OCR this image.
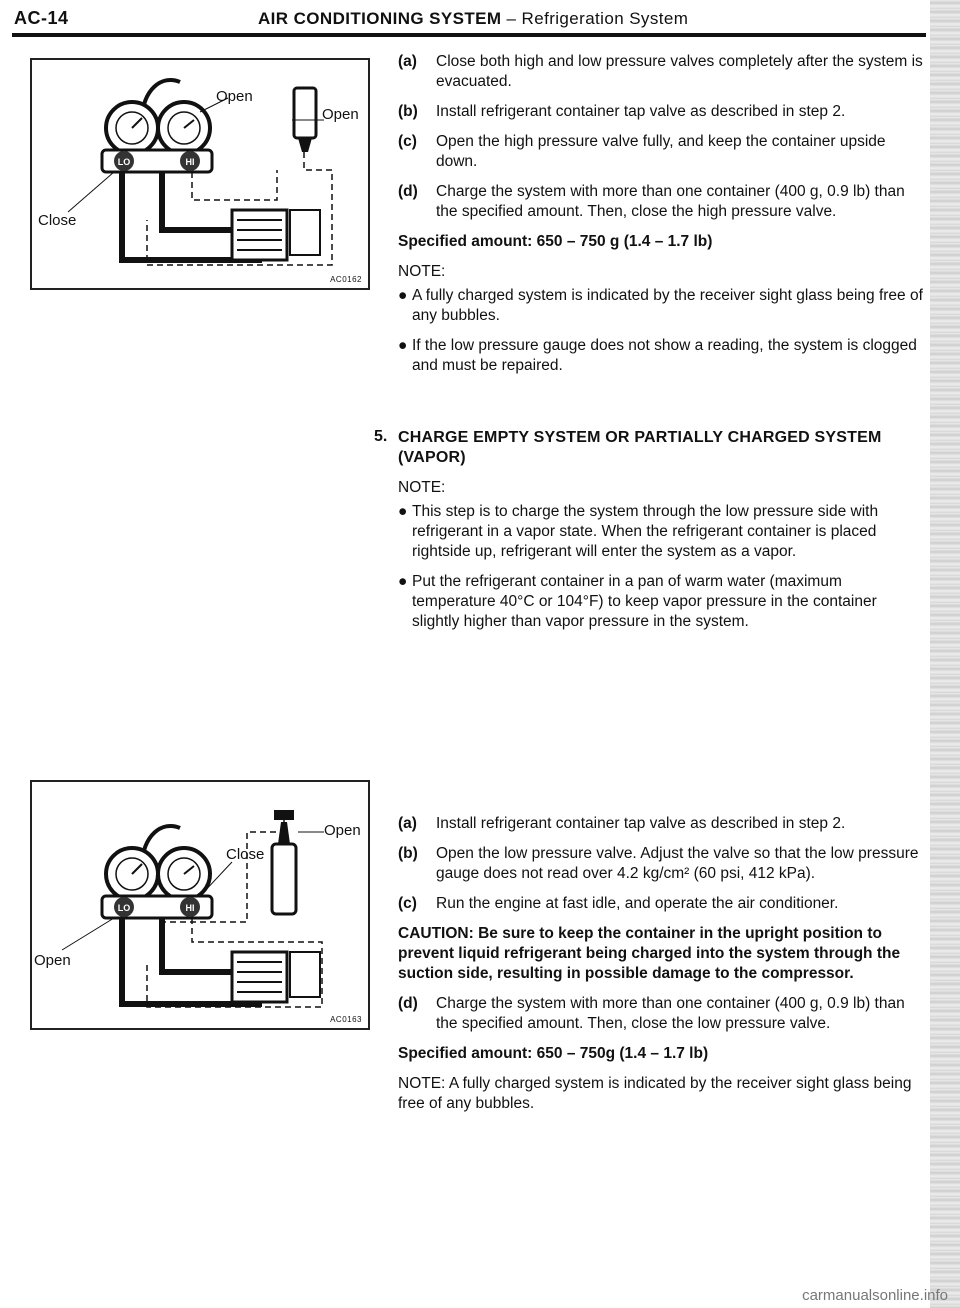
AC-14	AIR CONDITIONING SYSTEM – Refrigeration System
LO	HI
Open
Open
Close
AC0162
(a) Close both high and low pressure valves completely after the system is evacuated.
(b) Install refrigerant container tap valve as described in step 2.
(c) Open the high pressure valve fully, and keep the container upside down.
(d) Charge the system with more than one container (400 g, 0.9 lb) than the specified amount. Then, close the high pressure valve.
Specified amount: 650 – 750 g (1.4 – 1.7 lb)
NOTE:
● A fully charged system is indicated by the receiver sight glass being free of any bubbles.
● If the low pressure gauge does not show a reading, the system is clogged and must be repaired.
5. CHARGE EMPTY SYSTEM OR PARTIALLY CHARGED SYSTEM (VAPOR)
NOTE:
● This step is to charge the system through the low pressure side with refrigerant in a vapor state. When the refrigerant container is placed rightside up, refrigerant will enter the system as a vapor.
● Put the refrigerant container in a pan of warm water (maximum temperature 40°C or 104°F) to keep vapor pressure in the container slightly higher than vapor pressure in the system.
LO	HI
Close
Open
Open
AC0163
(a) Install refrigerant container tap valve as described in step 2.
(b) Open the low pressure valve. Adjust the valve so that the low pressure gauge does not read over 4.2 kg/cm² (60 psi, 412 kPa).
(c) Run the engine at fast idle, and operate the air conditioner.
CAUTION: Be sure to keep the container in the upright position to prevent liquid refrigerant being charged into the system through the suction side, resulting in possible damage to the compressor.
(d) Charge the system with more than one container (400 g, 0.9 lb) than the specified amount. Then, close the low pressure valve.
Specified amount: 650 – 750g (1.4 – 1.7 lb)
NOTE: A fully charged system is indicated by the receiver sight glass being free of any bubbles.
carmanualsonline.info
